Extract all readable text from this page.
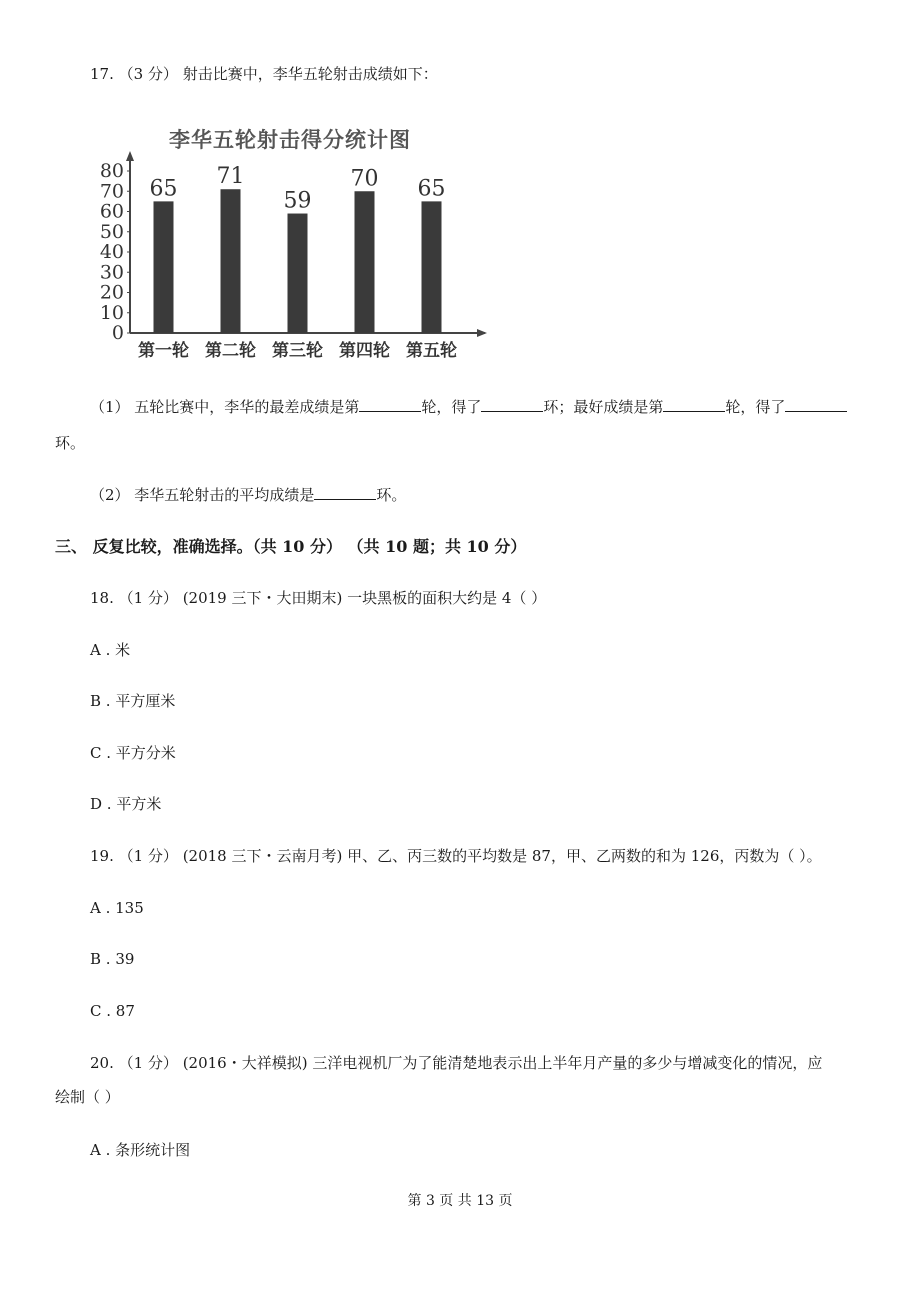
17. （3 分） 射击比赛中，李华五轮射击成绩如下：
李华五轮射击得分统计图
0
10
20
30
40
50
60
70
80
65
第一轮
71
第二轮
59
第三轮
70
第四轮
65
第五轮
（1） 五轮比赛中，李华的最差成绩是第	轮，得了	环；最好成绩是第	轮，得了
环。
（2） 李华五轮射击的平均成绩是	环。
三、 反复比较，准确选择。（共 10 分） （共 10 题；共 10 分）
18. （1 分） (2019 三下・大田期末) 一块黑板的面积大约是 4（ ）
A . 米
B . 平方厘米
C . 平方分米
D . 平方米
19. （1 分） (2018 三下・云南月考) 甲、乙、丙三数的平均数是 87，甲、乙两数的和为 126，丙数为（ ）。
A . 135
B . 39
C . 87
20. （1 分） (2016・大祥模拟) 三洋电视机厂为了能清楚地表示出上半年月产量的多少与增减变化的情况，应
绘制（ ）
A . 条形统计图
第 3 页 共 13 页
